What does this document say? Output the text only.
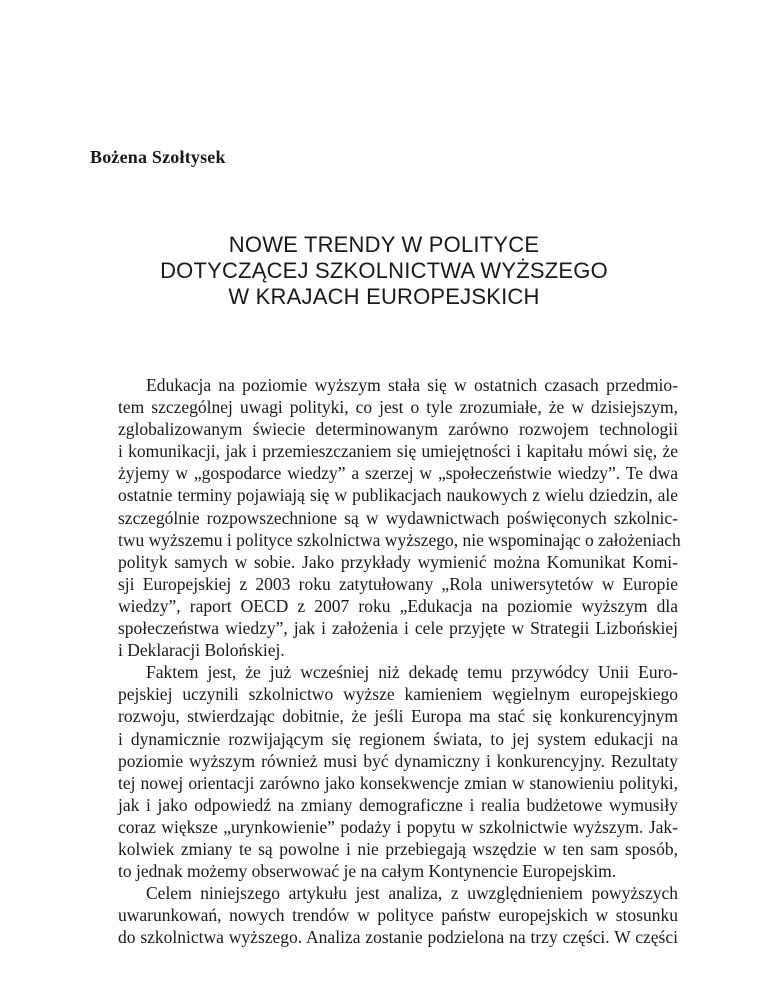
Bożena Szołtysek

NOWE TRENDY W POLITYCE
DOTYCZĄCEJ SZKOLNICTWA WYŻSZEGO
W KRAJACH EUROPEJSKICH

Edukacja na poziomie wyższym stała się w ostatnich czasach przedmio-
tem szczególnej uwagi polityki, co jest o tyle zrozumiałe, że w dzisiejszym,
zglobalizowanym świecie determinowanym zarówno rozwojem technologii
i komunikacji, jak i przemieszczaniem się umiejętności i kapitału mówi się, że
żyjemy w „gospodarce wiedzy” a szerzej w „społeczeństwie wiedzy”. Te dwa
ostatnie terminy pojawiają się w publikacjach naukowych z wielu dziedzin, ale
szczególnie rozpowszechnione są w wydawnictwach poświęconych szkolnic-
twu wyższemu i polityce szkolnictwa wyższego, nie wspominając o założeniach
polityk samych w sobie. Jako przykłady wymienić można Komunikat Komi-
sji Europejskiej z 2003 roku zatytułowany „Rola uniwersytetów w Europie
wiedzy”, raport OECD z 2007 roku „Edukacja na poziomie wyższym dla
społeczeństwa wiedzy”, jak i założenia i cele przyjęte w Strategii Lizbońskiej
i Deklaracji Bolońskiej.

Faktem jest, że już wcześniej niż dekadę temu przywódcy Unii Euro-
pejskiej uczynili szkolnictwo wyższe kamieniem węgielnym europejskiego
rozwoju, stwierdzając dobitnie, że jeśli Europa ma stać się konkurencyjnym
i dynamicznie rozwijającym się regionem świata, to jej system edukacji na
poziomie wyższym również musi być dynamiczny i konkurencyjny. Rezultaty
tej nowej orientacji zarówno jako konsekwencje zmian w stanowieniu polityki,
jak i jako odpowiedź na zmiany demograficzne i realia budżetowe wymusiły
coraz większe „urynkowienie” podaży i popytu w szkolnictwie wyższym. Jak-
kolwiek zmiany te są powolne i nie przebiegają wszędzie w ten sam sposób,
to jednak możemy obserwować je na całym Kontynencie Europejskim.

Celem niniejszego artykułu jest analiza, z uwzględnieniem powyższych
uwarunkowań, nowych trendów w polityce państw europejskich w stosunku
do szkolnictwa wyższego. Analiza zostanie podzielona na trzy części. W części
